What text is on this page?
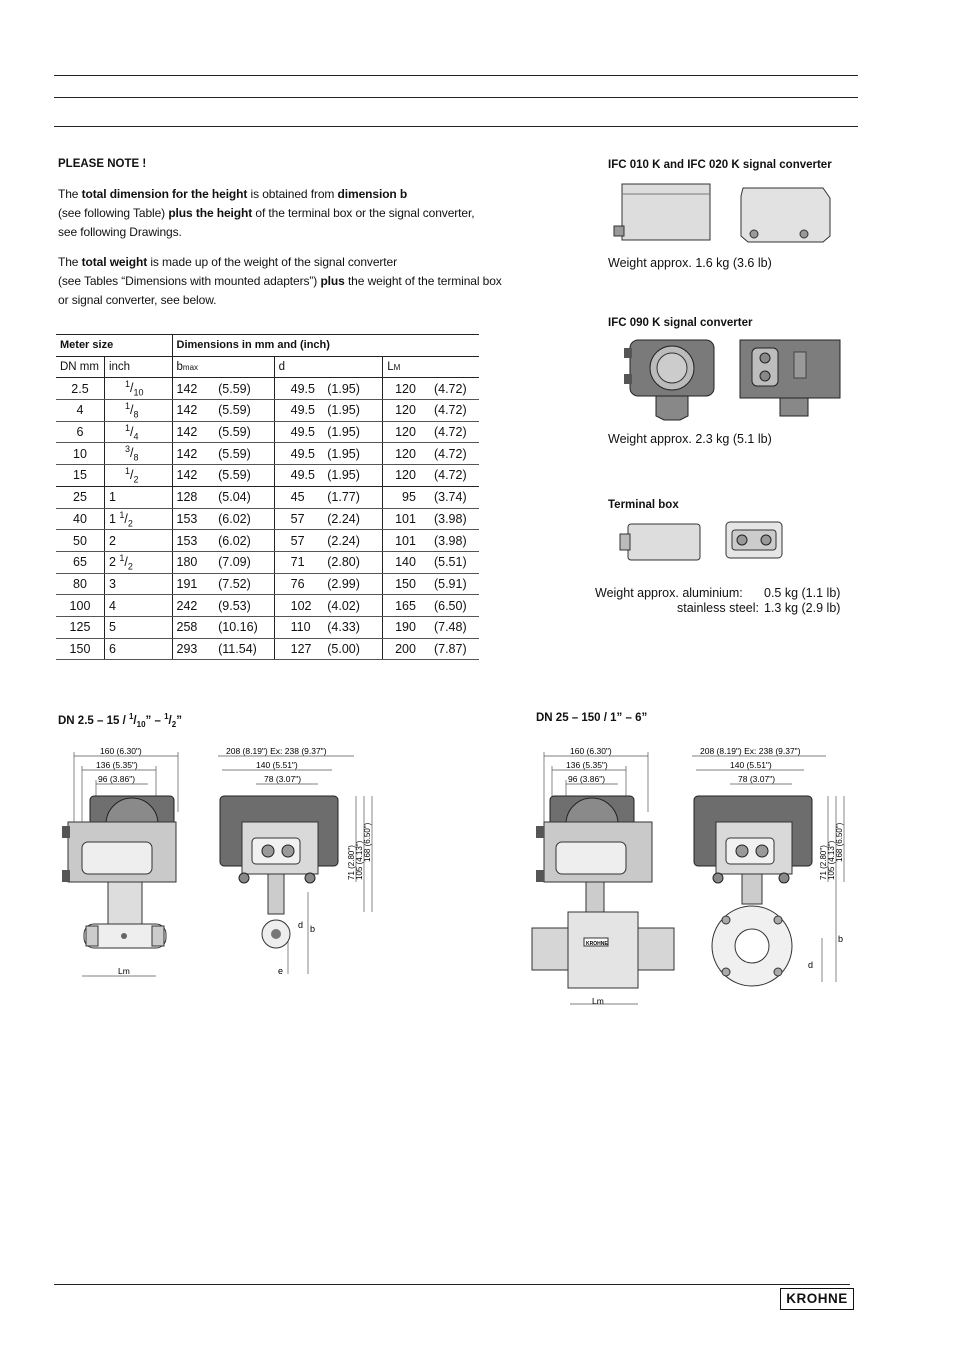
PLEASE NOTE !
The total dimension for the height is obtained from dimension b
(see following Table) plus the height of the terminal box or the signal converter,
see following Drawings.
The total weight is made up of the weight of the signal converter
(see Tables “Dimensions with mounted adapters”) plus the weight of the terminal box
or signal converter, see below.
Meter size		Dimensions in mm and (inch)					
DN mm	inch	bmax		d		LM	
2.5	$^1/_{10}$	142	(5.59)	49.5	(1.95)	120	(4.72)
4	$^1/_8$	142	(5.59)	49.5	(1.95)	120	(4.72)
6	$^1/_4$	142	(5.59)	49.5	(1.95)	120	(4.72)
10	$^3/_8$	142	(5.59)	49.5	(1.95)	120	(4.72)
15	$^1/_2$	142	(5.59)	49.5	(1.95)	120	(4.72)
25	1	128	(5.04)	45	(1.77)	95	(3.74)
40	1 $^1/_2$	153	(6.02)	57	(2.24)	101	(3.98)
50	2	153	(6.02)	57	(2.24)	101	(3.98)
65	2 $^1/_2$	180	(7.09)	71	(2.80)	140	(5.51)
80	3	191	(7.52)	76	(2.99)	150	(5.91)
100	4	242	(9.53)	102	(4.02)	165	(6.50)
125	5	258	(10.16)	110	(4.33)	190	(7.48)
150	6	293	(11.54)	127	(5.00)	200	(7.87)
IFC 010 K and IFC 020 K signal converter
Weight approx. 1.6 kg (3.6 lb)
IFC 090 K signal converter
Weight approx. 2.3 kg (5.1 lb)
Terminal box
Weight approx. aluminium: 0.5 kg (1.1 lb)
stainless steel: 1.3 kg (2.9 lb)
DN $2.5 - 15 / ^1/_{10}$” – $^1/_2$”	DN 25 – 150 / 1” – 6”
160 (6.30")
136 (5.35")
96 (3.86")
208 (8.19") Ex: 238 (9.37")
140 (5.51")
78 (3.07")
71 (2.80") 105 (4.13") 168 (6.50")
Lm
b
d
e
160 (6.30")
136 (5.35")
96 (3.86")
208 (8.19") Ex: 238 (9.37")
140 (5.51")
78 (3.07")
71 (2.80") 105 (4.13") 168 (6.50")
KROHNE
Lm
b
d
KROHNE
